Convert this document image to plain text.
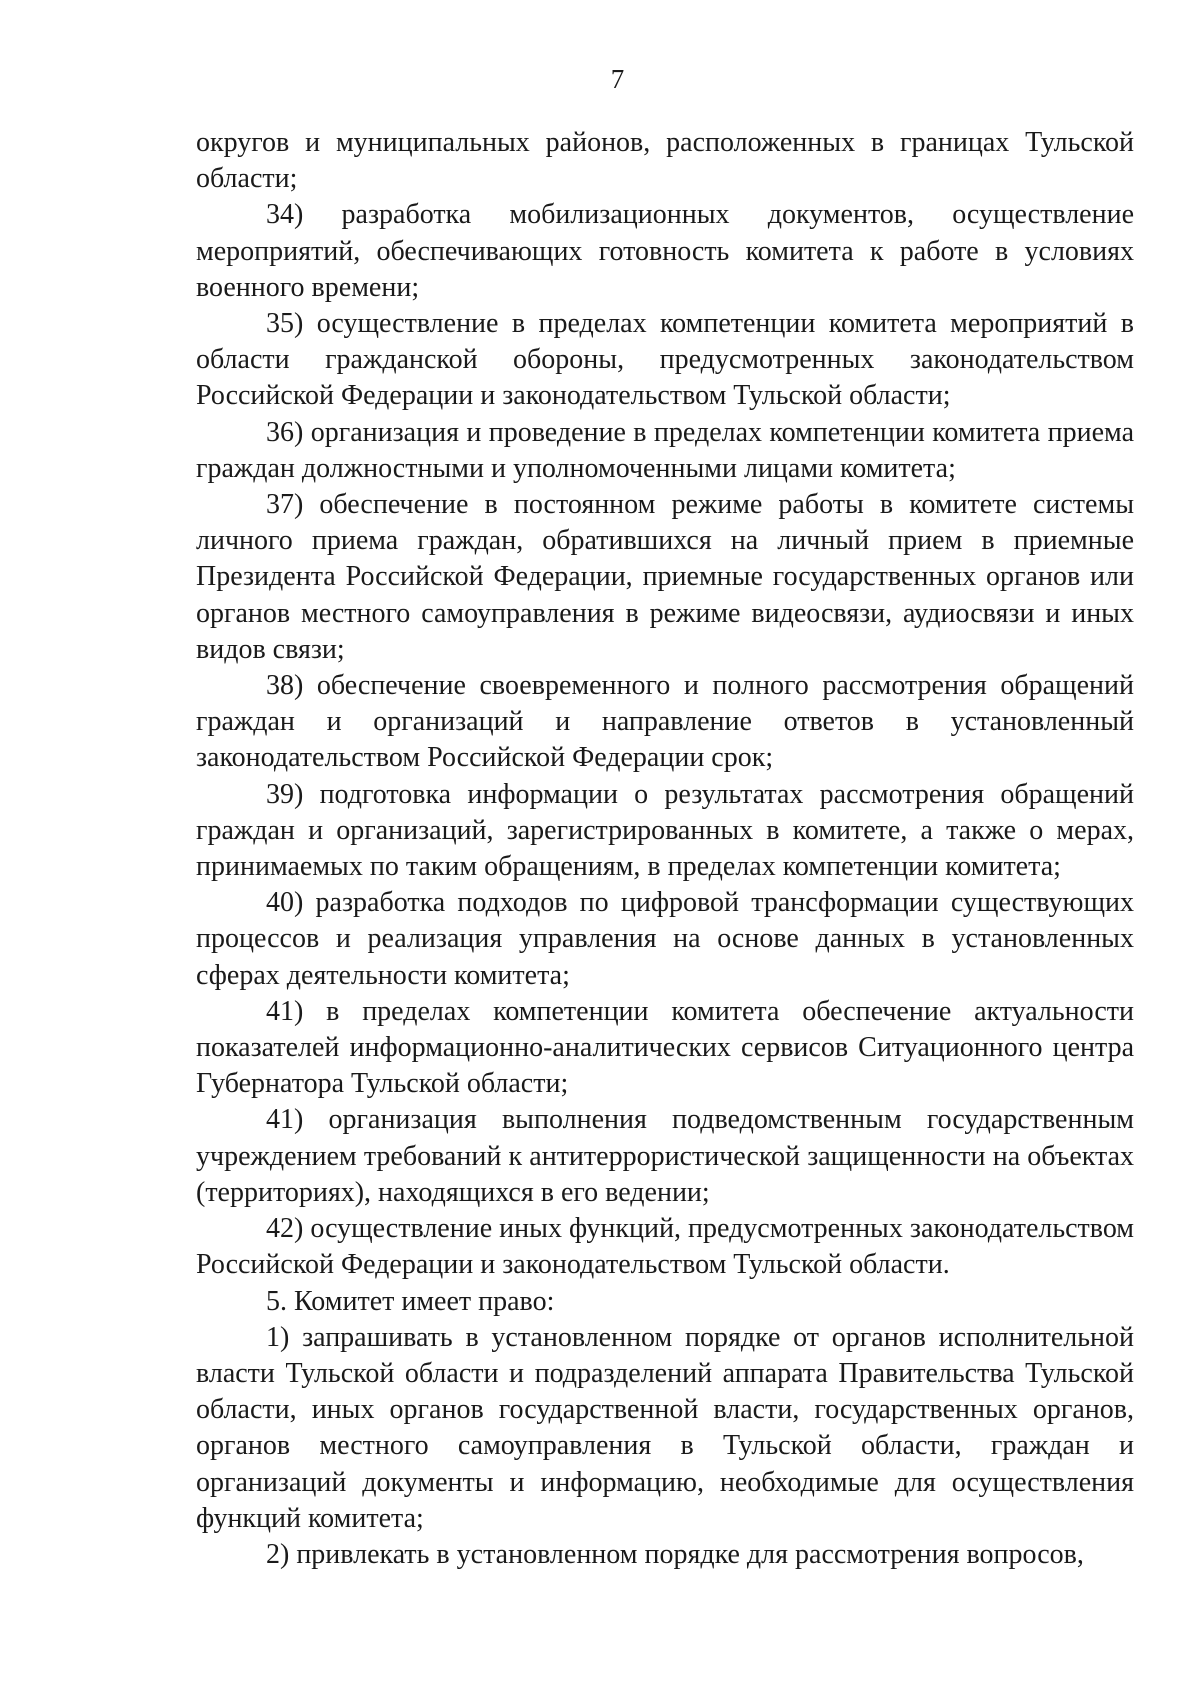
7

округов и муниципальных районов, расположенных в границах Тульской области;

34) разработка мобилизационных документов, осуществление мероприятий, обеспечивающих готовность комитета к работе в условиях военного времени;

35) осуществление в пределах компетенции комитета мероприятий в области гражданской обороны, предусмотренных законодательством Российской Федерации и законодательством Тульской области;

36) организация и проведение в пределах компетенции комитета приема граждан должностными и уполномоченными лицами комитета;

37) обеспечение в постоянном режиме работы в комитете системы личного приема граждан, обратившихся на личный прием в приемные Президента Российской Федерации, приемные государственных органов или органов местного самоуправления в режиме видеосвязи, аудиосвязи и иных видов связи;

38) обеспечение своевременного и полного рассмотрения обращений граждан и организаций и направление ответов в установленный законодательством Российской Федерации срок;

39) подготовка информации о результатах рассмотрения обращений граждан и организаций, зарегистрированных в комитете, а также о мерах, принимаемых по таким обращениям, в пределах компетенции комитета;

40) разработка подходов по цифровой трансформации существующих процессов и реализация управления на основе данных в установленных сферах деятельности комитета;

41) в пределах компетенции комитета обеспечение актуальности показателей информационно-аналитических сервисов Ситуационного центра Губернатора Тульской области;

41) организация выполнения подведомственным государственным учреждением требований к антитеррористической защищенности на объектах (территориях), находящихся в его ведении;

42) осуществление иных функций, предусмотренных законодательством Российской Федерации и законодательством Тульской области.

5. Комитет имеет право:

1) запрашивать в установленном порядке от органов исполнительной власти Тульской области и подразделений аппарата Правительства Тульской области, иных органов государственной власти, государственных органов, органов местного самоуправления в Тульской области, граждан и организаций документы и информацию, необходимые для осуществления функций комитета;

2) привлекать в установленном порядке для рассмотрения вопросов,
